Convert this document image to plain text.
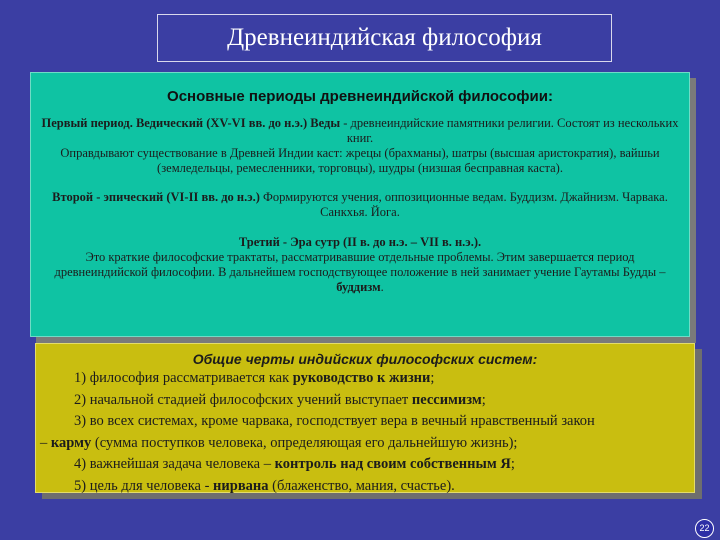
Древнеиндийская философия
Основные периоды древнеиндийской философии:

Первый период. Ведический (XV-VI вв. до н.э.) Веды - древнеиндийские памятники религии. Состоят из нескольких книг.
Оправдывают существование в Древней Индии каст: жрецы (брахманы), шатры (высшая аристократия), вайшьи (земледельцы, ремесленники, торговцы), шудры (низшая бесправная каста).

Второй - эпический (VI-II вв. до н.э.) Формируются учения, оппозиционные ведам. Буддизм. Джайнизм. Чарвака. Санкхья. Йога.

Третий - Эра сутр (II в. до н.э. – VII в. н.э.).
Это краткие философские трактаты, рассматривавшие отдельные проблемы. Этим завершается период древнеиндийской философии. В дальнейшем господствующее положение в ней занимает учение Гаутамы Будды – буддизм.

Общие черты индийских философских систем:
1) философия рассматривается как руководство к жизни;
2) начальной стадией философских учений выступает пессимизм;
3) во всех системах, кроме чарвака, господствует вера в вечный нравственный закон
– карму (сумма поступков человека, определяющая его дальнейшую жизнь);
4) важнейшая задача человека – контроль над своим собственным Я;
5) цель для человека - нирвана (блаженство, мания, счастье).
22
